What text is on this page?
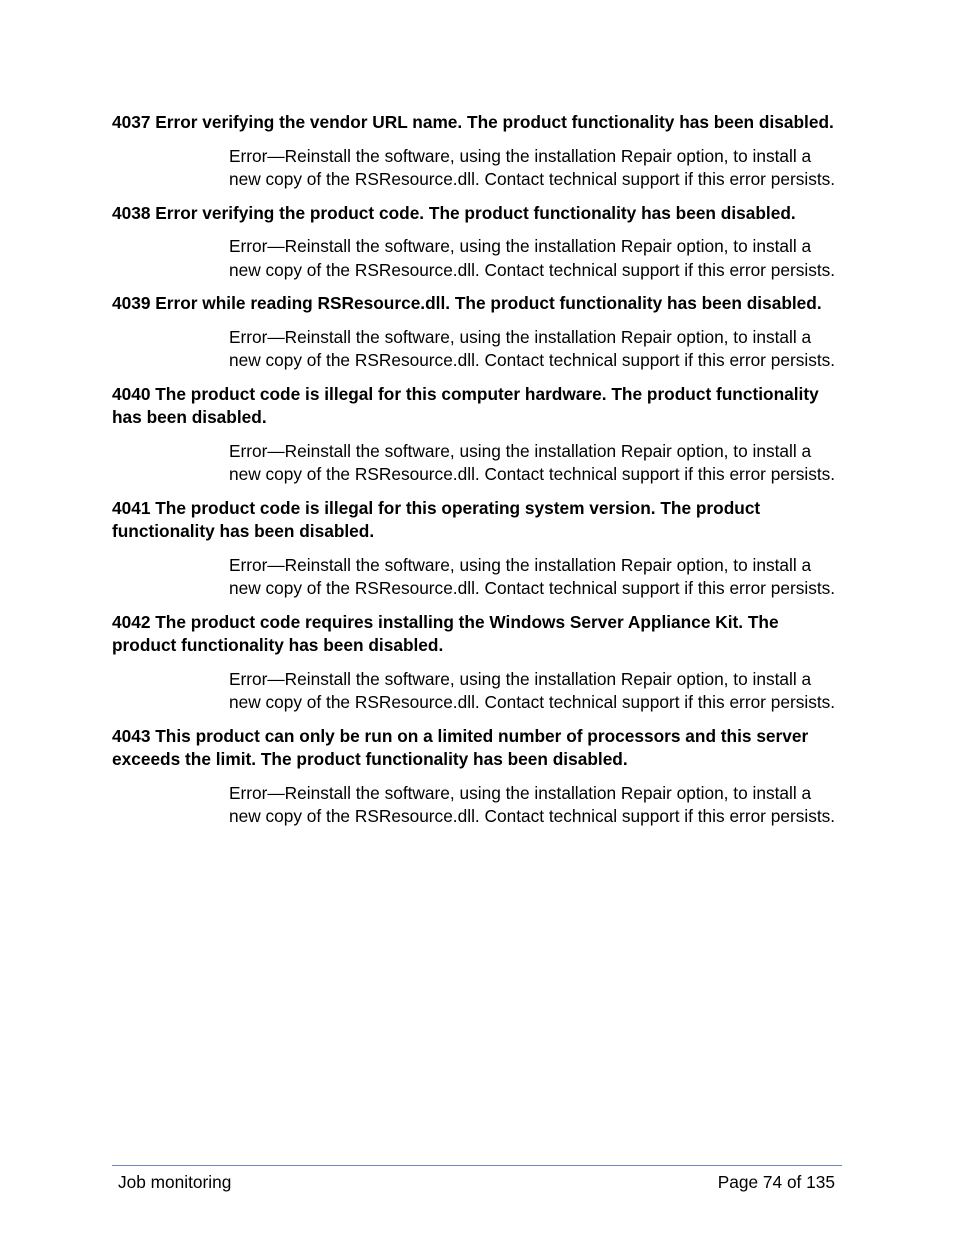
4037 Error verifying the vendor URL name. The product functionality has been disabled.

Error—Reinstall the software, using the installation Repair option, to install a new copy of the RSResource.dll. Contact technical support if this error persists.

4038 Error verifying the product code. The product functionality has been disabled.

Error—Reinstall the software, using the installation Repair option, to install a new copy of the RSResource.dll. Contact technical support if this error persists.

4039 Error while reading RSResource.dll. The product functionality has been disabled.

Error—Reinstall the software, using the installation Repair option, to install a new copy of the RSResource.dll. Contact technical support if this error persists.

4040 The product code is illegal for this computer hardware. The product functionality has been disabled.

Error—Reinstall the software, using the installation Repair option, to install a new copy of the RSResource.dll. Contact technical support if this error persists.

4041 The product code is illegal for this operating system version. The product functionality has been disabled.

Error—Reinstall the software, using the installation Repair option, to install a new copy of the RSResource.dll. Contact technical support if this error persists.

4042 The product code requires installing the Windows Server Appliance Kit. The product functionality has been disabled.

Error—Reinstall the software, using the installation Repair option, to install a new copy of the RSResource.dll. Contact technical support if this error persists.

4043 This product can only be run on a limited number of processors and this server exceeds the limit. The product functionality has been disabled.

Error—Reinstall the software, using the installation Repair option, to install a new copy of the RSResource.dll. Contact technical support if this error persists.

Job monitoring	Page 74 of 135
